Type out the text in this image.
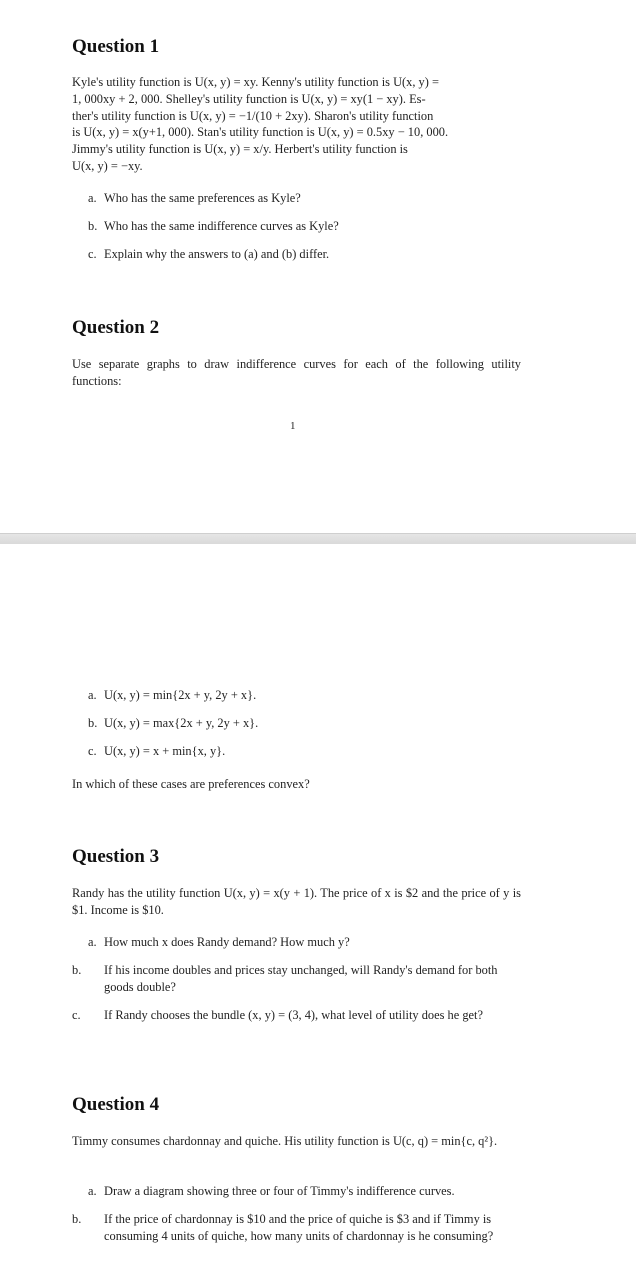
Question 1
Kyle's utility function is U(x, y) = xy. Kenny's utility function is U(x, y) =
1, 000xy + 2, 000. Shelley's utility function is U(x, y) = xy(1 − xy). Es-
ther's utility function is U(x, y) = −1/(10 + 2xy). Sharon's utility function
is U(x, y) = x(y+1, 000). Stan's utility function is U(x, y) = 0.5xy − 10, 000.
Jimmy's utility function is U(x, y) = x/y. Herbert's utility function is
U(x, y) = −xy.
a. Who has the same preferences as Kyle?
b. Who has the same indifference curves as Kyle?
c. Explain why the answers to (a) and (b) differ.
Question 2

Use separate graphs to draw indifference curves for each of the following utility functions:

1
a. U(x, y) = min{2x + y, 2y + x}.
b. U(x, y) = max{2x + y, 2y + x}.
c. U(x, y) = x + min{x, y}.

In which of these cases are preferences convex?

Question 3

Randy has the utility function U(x, y) = x(y + 1). The price of x is $2 and the price of y is $1. Income is $10.

a. How much x does Randy demand? How much y?
b. If his income doubles and prices stay unchanged, will Randy's demand for both goods double?
c. If Randy chooses the bundle (x, y) = (3, 4), what level of utility does he get?
Question 4

Timmy consumes chardonnay and quiche. His utility function is U(c, q) = min{c, q²}.

a. Draw a diagram showing three or four of Timmy's indifference curves.
b. If the price of chardonnay is $10 and the price of quiche is $3 and if Timmy is consuming 4 units of quiche, how many units of chardonnay is he consuming?
